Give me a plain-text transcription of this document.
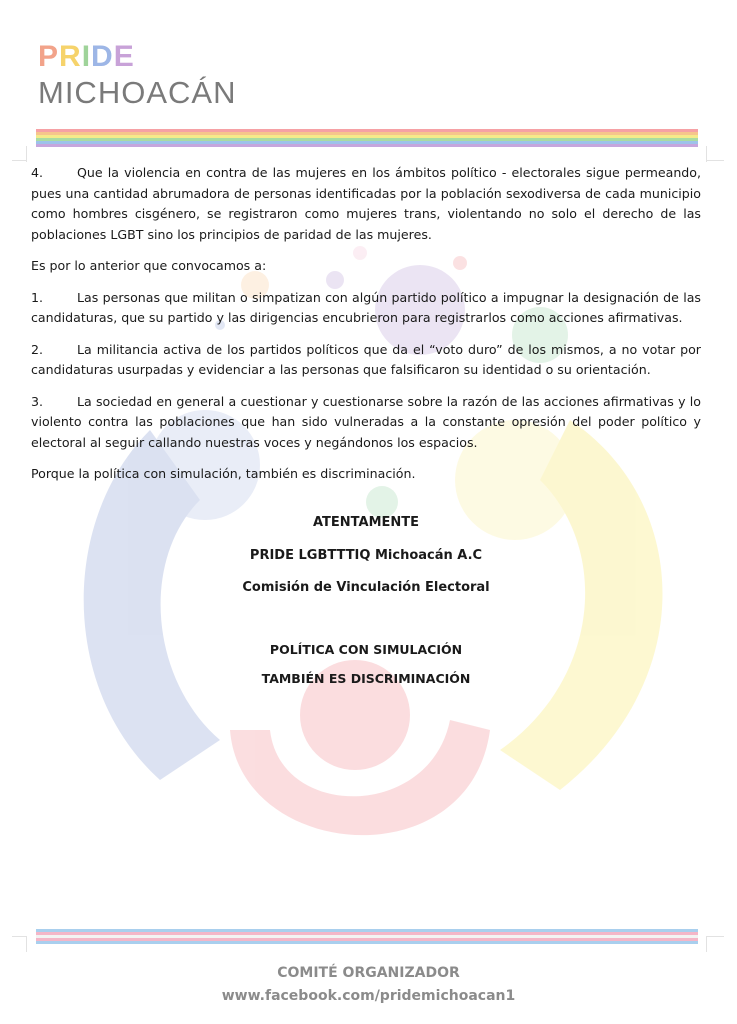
P R I D E
MICHOACÁN

4.	Que la violencia en contra de las mujeres en los ámbitos político - electorales sigue permeando, pues una cantidad abrumadora de personas identificadas por la población sexodiversa de cada municipio como hombres cisgénero, se registraron como mujeres trans, violentando no solo el derecho de las poblaciones LGBT sino los principios de paridad de las mujeres.

Es por lo anterior que convocamos a:

1.	Las personas que militan o simpatizan con algún partido político a impugnar la designación de las candidaturas, que su partido y las dirigencias encubrieron para registrarlos como acciones afirmativas.

2.	La militancia activa de los partidos políticos que da el “voto duro” de los mismos, a no votar por candidaturas usurpadas y evidenciar a las personas que falsificaron su identidad o su orientación.

3.	La sociedad en general a cuestionar y cuestionarse sobre la razón de las acciones afirmativas y lo violento contra las poblaciones que han sido vulneradas a la constante opresión del poder político y electoral al seguir callando nuestras voces y negándonos los espacios.

Porque la política con simulación, también es discriminación.

ATENTAMENTE
PRIDE LGBTTTIQ Michoacán A.C
Comisión de Vinculación Electoral
POLÍTICA CON SIMULACIÓN
TAMBIÉN ES DISCRIMINACIÓN
COMITÉ ORGANIZADOR
www.facebook.com/pridemichoacan1
